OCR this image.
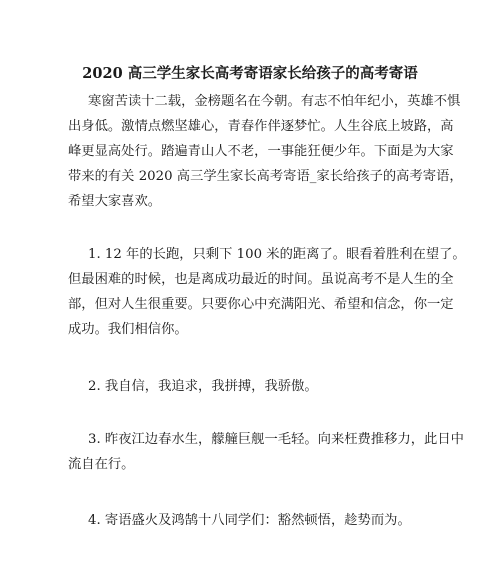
2020 高三学生家长高考寄语家长给孩子的高考寄语

寒窗苦读十二载，金榜题名在今朝。有志不怕年纪小，英雄不惧

出身低。激情点燃坚雄心，青春作伴逐梦忙。人生谷底上坡路，高

峰更显高处行。踏遍青山人不老，一事能狂便少年。下面是为大家

带来的有关 2020 高三学生家长高考寄语_家长给孩子的高考寄语，

希望大家喜欢。

1. 12 年的长跑，只剩下 100 米的距离了。眼看着胜利在望了。

但最困难的时候，也是离成功最近的时间。虽说高考不是人生的全

部，但对人生很重要。只要你心中充满阳光、希望和信念，你一定

成功。我们相信你。

2. 我自信，我追求，我拼搏，我骄傲。

3. 昨夜江边春水生，艨艟巨舰一毛轻。向来枉费推移力，此日中

流自在行。

4. 寄语盛火及鸿鹄十八同学们：豁然顿悟，趁势而为。
